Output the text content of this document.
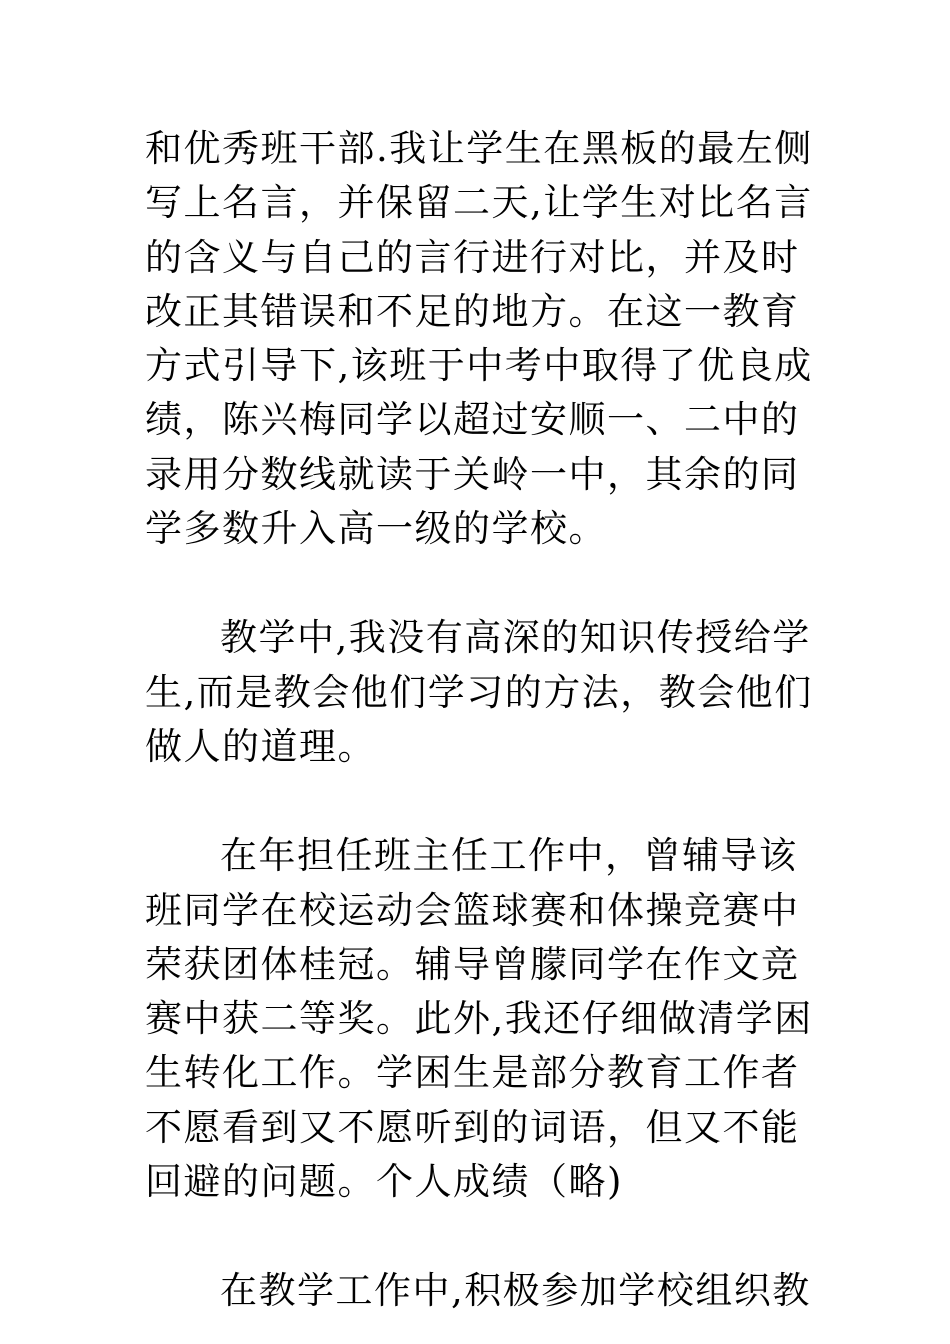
和优秀班干部.我让学生在黑板的最左侧
写上名言，并保留二天,让学生对比名言
的含义与自己的言行进行对比，并及时
改正其错误和不足的地方。在这一教育
方式引导下,该班于中考中取得了优良成
绩，陈兴梅同学以超过安顺一、二中的
录用分数线就读于关岭一中，其余的同
学多数升入高一级的学校。
教学中,我没有高深的知识传授给学
生,而是教会他们学习的方法，教会他们
做人的道理。
在年担任班主任工作中，曾辅导该
班同学在校运动会篮球赛和体操竞赛中
荣获团体桂冠。辅导曾朦同学在作文竞
赛中获二等奖。此外,我还仔细做清学困
生转化工作。学困生是部分教育工作者
不愿看到又不愿听到的词语，但又不能
回避的问题。个人成绩（略)
在教学工作中,积极参加学校组织教
